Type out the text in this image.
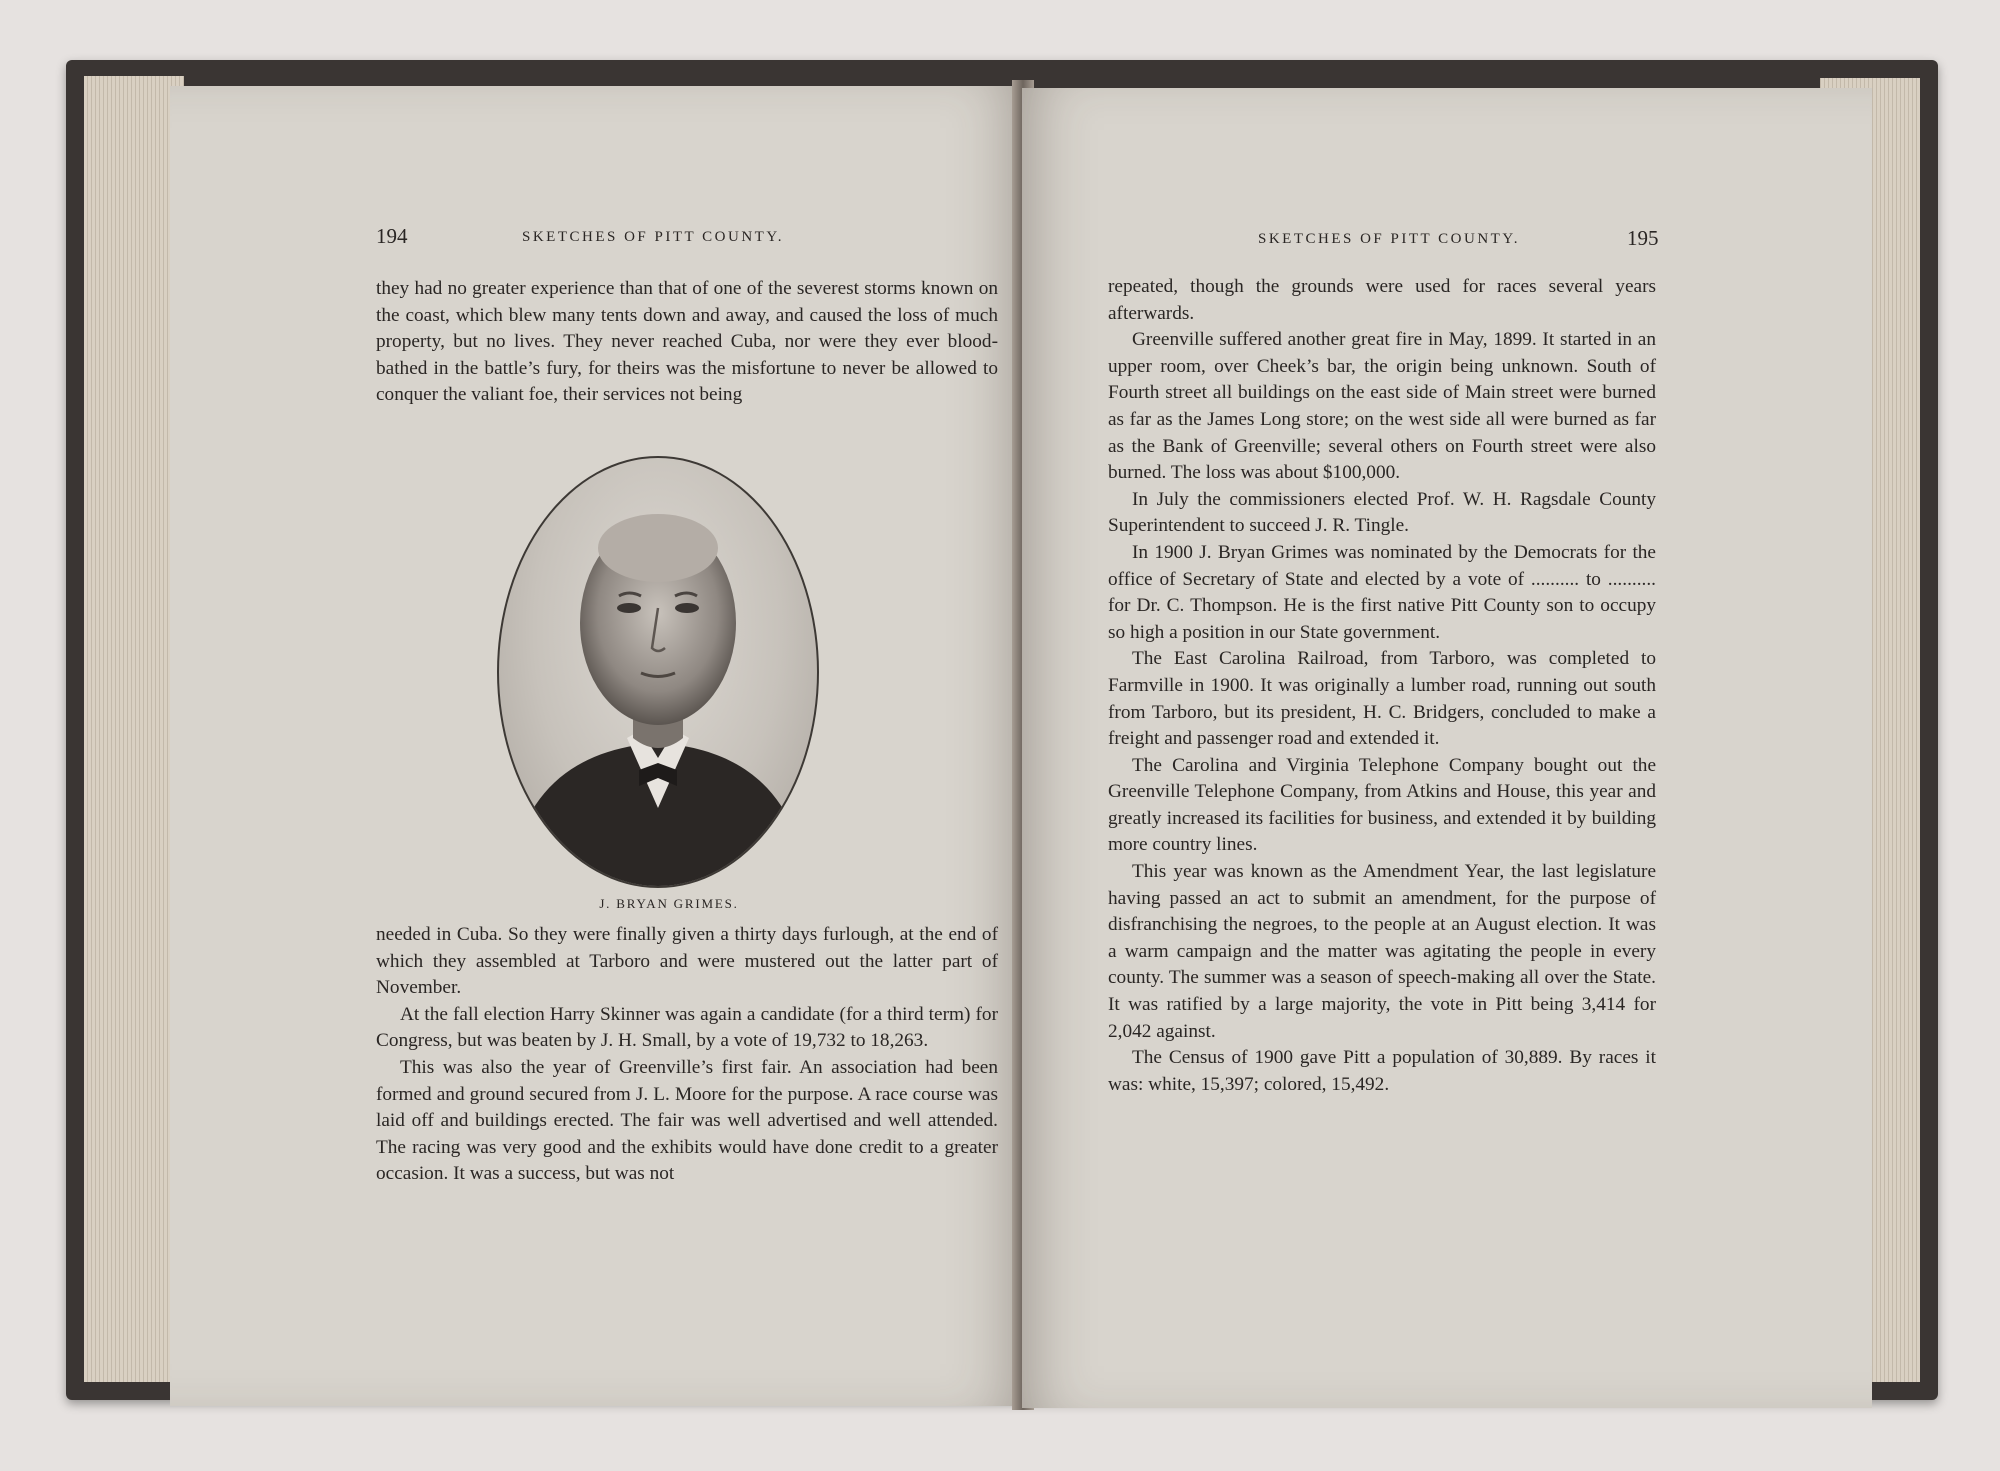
194	SKETCHES OF PITT COUNTY.

they had no greater experience than that of one of the severest storms known on the coast, which blew many tents down and away, and caused the loss of much property, but no lives. They never reached Cuba, nor were they ever blood-bathed in the battle’s fury, for theirs was the misfortune to never be allowed to conquer the valiant foe, their services not being

J. BRYAN GRIMES.

needed in Cuba. So they were finally given a thirty days furlough, at the end of which they assembled at Tarboro and were mustered out the latter part of November.

At the fall election Harry Skinner was again a candidate (for a third term) for Congress, but was beaten by J. H. Small, by a vote of 19,732 to 18,263.

This was also the year of Greenville’s first fair. An association had been formed and ground secured from J. L. Moore for the purpose. A race course was laid off and buildings erected. The fair was well advertised and well attended. The racing was very good and the exhibits would have done credit to a greater occasion. It was a success, but was not

SKETCHES OF PITT COUNTY.	195

repeated, though the grounds were used for races several years afterwards.

Greenville suffered another great fire in May, 1899. It started in an upper room, over Cheek’s bar, the origin being unknown. South of Fourth street all buildings on the east side of Main street were burned as far as the James Long store; on the west side all were burned as far as the Bank of Greenville; several others on Fourth street were also burned. The loss was about $100,000.

In July the commissioners elected Prof. W. H. Ragsdale County Superintendent to succeed J. R. Tingle.

In 1900 J. Bryan Grimes was nominated by the Democrats for the office of Secretary of State and elected by a vote of .......... to .......... for Dr. C. Thompson. He is the first native Pitt County son to occupy so high a position in our State government.

The East Carolina Railroad, from Tarboro, was completed to Farmville in 1900. It was originally a lumber road, running out south from Tarboro, but its president, H. C. Bridgers, concluded to make a freight and passenger road and extended it.

The Carolina and Virginia Telephone Company bought out the Greenville Telephone Company, from Atkins and House, this year and greatly increased its facilities for business, and extended it by building more country lines.

This year was known as the Amendment Year, the last legislature having passed an act to submit an amendment, for the purpose of disfranchising the negroes, to the people at an August election. It was a warm campaign and the matter was agitating the people in every county. The summer was a season of speech-making all over the State. It was ratified by a large majority, the vote in Pitt being 3,414 for 2,042 against.

The Census of 1900 gave Pitt a population of 30,889. By races it was: white, 15,397; colored, 15,492.
